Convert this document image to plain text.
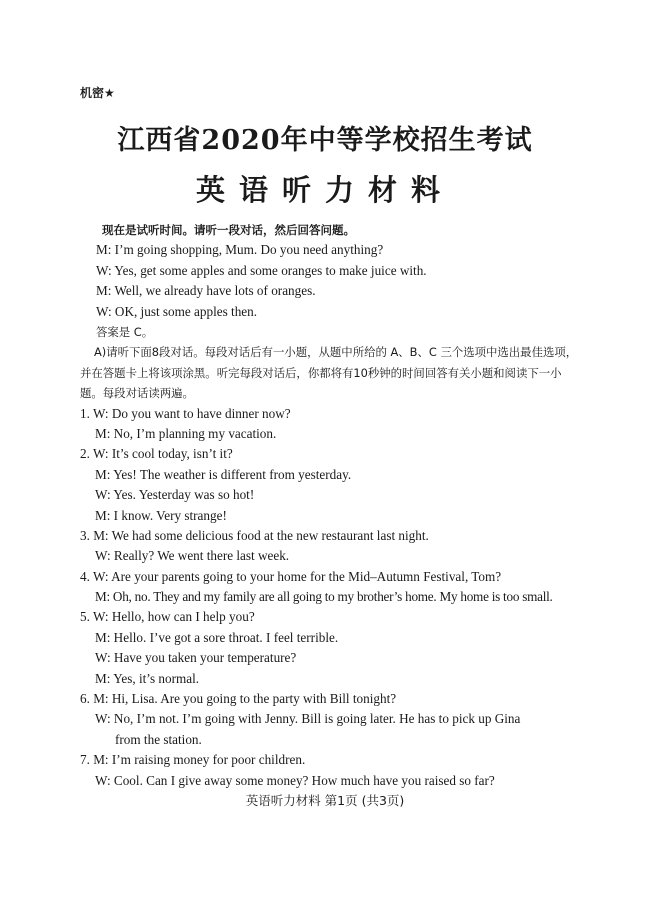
机密★
江西省2020年中等学校招生考试
英语听力材料
现在是试听时间。请听一段对话，然后回答问题。
M: I’m going shopping, Mum. Do you need anything?
W: Yes, get some apples and some oranges to make juice with.
M: Well, we already have lots of oranges.
W: OK, just some apples then.
答案是 C。
A)请听下面8段对话。每段对话后有一小题，从题中所给的 A、B、C 三个选项中选出最佳选项，并在答题卡上将该项涂黑。听完每段对话后，你都将有10秒钟的时间回答有关小题和阅读下一小题。每段对话读两遍。
1. W: Do you want to have dinner now?
M: No, I’m planning my vacation.
2. W: It’s cool today, isn’t it?
M: Yes! The weather is different from yesterday.
W: Yes. Yesterday was so hot!
M: I know. Very strange!
3. M: We had some delicious food at the new restaurant last night.
W: Really? We went there last week.
4. W: Are your parents going to your home for the Mid–Autumn Festival, Tom?
M: Oh, no. They and my family are all going to my brother’s home. My home is too small.
5. W: Hello, how can I help you?
M: Hello. I’ve got a sore throat. I feel terrible.
W: Have you taken your temperature?
M: Yes, it’s normal.
6. M: Hi, Lisa. Are you going to the party with Bill tonight?
W: No, I’m not. I’m going with Jenny. Bill is going later. He has to pick up Gina
from the station.
7. M: I’m raising money for poor children.
W: Cool. Can I give away some money? How much have you raised so far?
英语听力材料 第1页 (共3页)
